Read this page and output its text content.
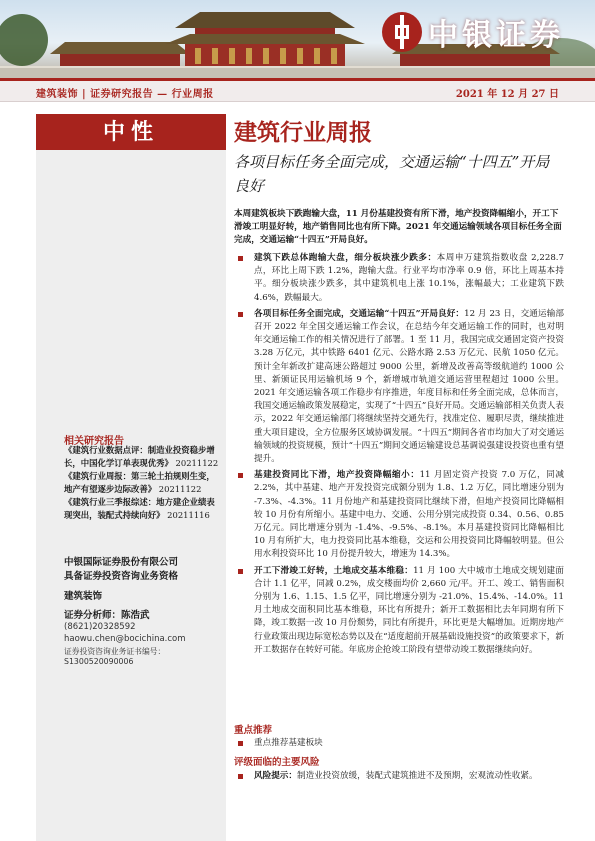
中银证券
建筑装饰 | 证券研究报告 — 行业周报	2021 年 12 月 27 日
中性
相关研究报告
中银国际证券股份有限公司
具备证券投资咨询业务资格
建筑装饰
证券分析师：陈浩武
(8621)20328592
haowu.chen@bocichina.com
证券投资咨询业务证书编号：S1300520090006
《建筑行业数据点评：制造业投资稳步增长，中国化学订单表现优秀》 20211122
《建筑行业周报：第三轮土拍规则生变，地产有望逐步边际改善》 20211122
《建筑行业三季报综述：地方建企业绩表现突出，装配式持续向好》 20211116
建筑行业周报
各项目标任务全面完成，交通运输“十四五”开局良好
本周建筑板块下跌跑输大盘，11 月份基建投资有所下滑，地产投资降幅缩小，开工下滑竣工明显好转，地产销售同比也有所下降。2021 年交通运输领域各项目标任务全面完成，交通运输“十四五”开局良好。
建筑下跌总体跑输大盘，细分板块涨少跌多：本周申万建筑指数收盘 2,228.7 点，环比上周下跌 1.2%，跑输大盘。行业平均市净率 0.9 倍，环比上周基本持平。细分板块涨少跌多，其中建筑机电上涨 10.1%，涨幅最大；工业建筑下跌 4.6%，跌幅最大。
各项目标任务全面完成，交通运输“十四五”开局良好：12 月 23 日，交通运输部召开 2022 年全国交通运输工作会议，在总结今年交通运输工作的同时，也对明年交通运输工作的相关情况进行了部署。1 至 11 月，我国完成交通固定资产投资 3.28 万亿元，其中铁路 6401 亿元、公路水路 2.53 万亿元、民航 1050 亿元。预计全年新改扩建高速公路超过 9000 公里，新增及改善高等级航道约 1000 公里、新颁证民用运输机场 9 个，新增城市轨道交通运营里程超过 1000 公里。2021 年交通运输各项工作稳步有序推进，年度目标和任务全面完成，总体而言，我国交通运输政策发展稳定，实现了“十四五”良好开局。交通运输部相关负责人表示，2022 年交通运输部门将继续坚持交通先行，找准定位、履职尽责，继续推进重大项目建设，全方位服务区域协调发展。“十四五”期间各省市均加大了对交通运输领域的投资规模，预计“十四五”期间交通运输建设总基调说强建设投资也重有望提升。
基建投资同比下滑，地产投资降幅缩小：11 月固定资产投资 7.0 万亿，同减 2.2%，其中基建、地产开发投资完成额分别为 1.8、1.2 万亿，同比增速分别为 -7.3%、-4.3%。11 月份地产和基建投资同比继续下滑，但地产投资同比降幅相较 10 月份有所缩小。基建中电力、交通、公用分别完成投资 0.34、0.56、0.85 万亿元。同比增速分别为 -1.4%、-9.5%、-8.1%。本月基建投资同比降幅相比 10 月有所扩大，电力投资同比基本维稳，交运和公用投资同比降幅较明显。但公用水利投资环比 10 月份提升较大，增速为 14.3%。
开工下滑竣工好转，土地成交基本维稳：11 月 100 大中城市土地成交规划建面合计 1.1 亿平，同减 0.2%，成交楼面均价 2,660 元/平。开工、竣工、销售面积分别为 1.6、1.15、1.5 亿平，同比增速分别为 -21.0%、15.4%、-14.0%。11 月土地成交面积同比基本维稳，环比有所提升；新开工数据相比去年同期有所下降，竣工数据一改 10 月份颓势，同比有所提升，环比更是大幅增加。近期房地产行业政策出现边际宽松态势以及在“适度超前开展基础设施投资”的政策要求下，新开工数据存在转好可能。年底房企抢竣工阶段有望带动竣工数据继续向好。
重点推荐
重点推荐基建板块
评级面临的主要风险
风险提示：制造业投资放缓，装配式建筑推进不及预期，宏观流动性收紧。
